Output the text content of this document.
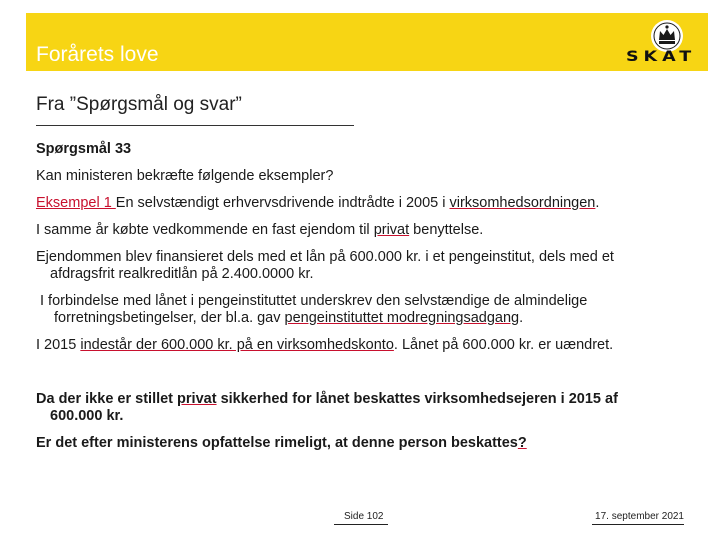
Forårets love	SKAT
Fra ”Spørgsmål og svar”
Spørgsmål 33
Kan ministeren bekræfte følgende eksempler?
Eksempel 1 En selvstændigt erhvervsdrivende indtrådte i 2005 i virksomhedsordningen.
I samme år købte vedkommende en fast ejendom til privat benyttelse.
Ejendommen blev finansieret dels med et lån på 600.000 kr. i et pengeinstitut, dels med et
afdragsfrit realkreditlån på 2.400.0000 kr.
I forbindelse med lånet i pengeinstituttet underskrev den selvstændige de almindelige
forretningsbetingelser, der bl.a. gav pengeinstituttet modregningsadgang.
I 2015 indestår der 600.000 kr. på en virksomhedskonto. Lånet på 600.000 kr. er uændret.
Da der ikke er stillet privat sikkerhed for lånet beskattes virksomhedsejeren i 2015 af
600.000 kr.
Er det efter ministerens opfattelse rimeligt, at denne person beskattes?
Side 102	17. september 2021
